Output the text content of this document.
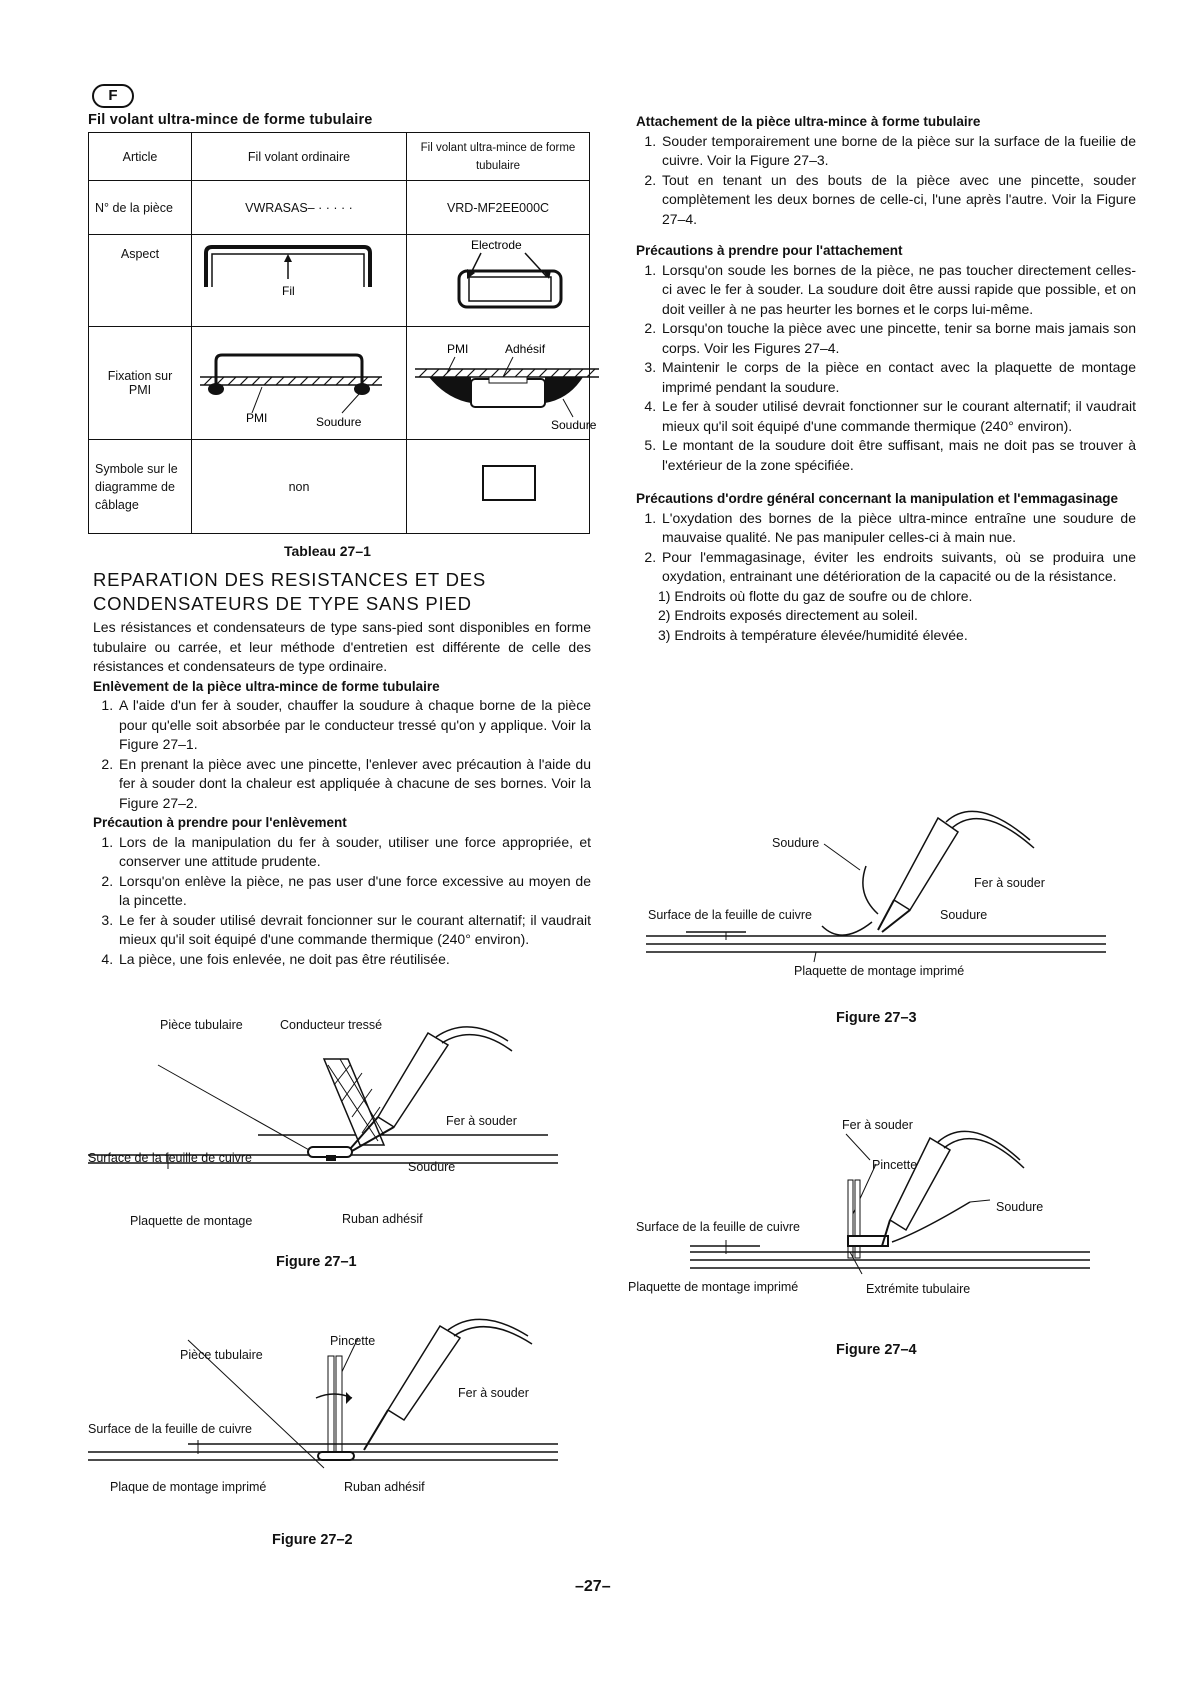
F
Fil volant ultra-mince de forme tubulaire
Article	Fil volant ordinaire	Fil volant ultra-mince de forme tubulaire
N° de la pièce	VWRASAS– · · · · ·	VRD-MF2EE000C
Aspect	Fil	Electrode

Fixation sur PMI	PMI Soudure	PMI Adhésif
Soudure

Symbole sur le diagramme de câblage	non	
Tableau 27–1
REPARATION DES RESISTANCES ET DES
CONDENSATEURS DE TYPE SANS PIED
Les résistances et condensateurs de type sans-pied sont disponibles en forme tubulaire ou carrée, et leur méthode d'entretien est différente de celle des résistances et condensateurs de type ordinaire.
Enlèvement de la pièce ultra-mince de forme tubulaire
1. A l'aide d'un fer à souder, chauffer la soudure à chaque borne de la pièce pour qu'elle soit absorbée par le conducteur tressé qu'on y applique. Voir la Figure 27–1.
2. En prenant la pièce avec une pincette, l'enlever avec précaution à l'aide du fer à souder dont la chaleur est appliquée à chacune de ses bornes. Voir la Figure 27–2.
Précaution à prendre pour l'enlèvement
1. Lors de la manipulation du fer à souder, utiliser une force appropriée, et conserver une attitude prudente.
2. Lorsqu'on enlève la pièce, ne pas user d'une force excessive au moyen de la pincette.
3. Le fer à souder utilisé devrait foncionner sur le courant alternatif; il vaudrait mieux qu'il soit équipé d'une commande thermique (240° environ).
4. La pièce, une fois enlevée, ne doit pas être réutilisée.
Attachement de la pièce ultra-mince à forme tubulaire
1. Souder temporairement une borne de la pièce sur la surface de la fueilie de cuivre. Voir la Figure 27–3.
2. Tout en tenant un des bouts de la pièce avec une pincette, souder complètement les deux bornes de celle-ci, l'une après l'autre. Voir la Figure 27–4.
Précautions à prendre pour l'attachement
1. Lorsqu'on soude les bornes de la pièce, ne pas toucher directement celles-ci avec le fer à souder. La soudure doit être aussi rapide que possible, et on doit veiller à ne pas heurter les bornes et le corps lui-même.
2. Lorsqu'on touche la pièce avec une pincette, tenir sa borne mais jamais son corps. Voir les Figures 27–4.
3. Maintenir le corps de la pièce en contact avec la plaquette de montage imprimé pendant la soudure.
4. Le fer à souder utilisé devrait fonctionner sur le courant alternatif; il vaudrait mieux qu'il soit équipé d'une commande thermique (240° environ).
5. Le montant de la soudure doit être suffisant, mais ne doit pas se trouver à l'extérieur de la zone spécifiée.
Précautions d'ordre général concernant la manipulation et l'emmagasinage
1. L'oxydation des bornes de la pièce ultra-mince entraîne une soudure de mauvaise qualité. Ne pas manipuler celles-ci à main nue.
2. Pour l'emmagasinage, éviter les endroits suivants, où se produira une oxydation, entrainant une détérioration de la capacité ou de la résistance.
1) Endroits où flotte du gaz de soufre ou de chlore.
2) Endroits exposés directement au soleil.
3) Endroits à température élevée/humidité élevée.
Pièce tubulaire	Conducteur tressé
Fer à souder
Surface de la feuille de cuivre
Soudure
Plaquette de montage	Ruban adhésif
Figure 27–1
Pièce tubulaire
Pincette
Fer à souder
Surface de la feuille de cuivre
Plaque de montage imprimé	Ruban adhésif
Figure 27–2
Soudure
Fer à souder
Surface de la feuille de cuivre	Soudure
Plaquette de montage imprimé
Figure 27–3
Fer à souder
Pincette
Soudure
Surface de la feuille de cuivre
Plaquette de montage imprimé	Extrémite tubulaire
Figure 27–4
–27–
